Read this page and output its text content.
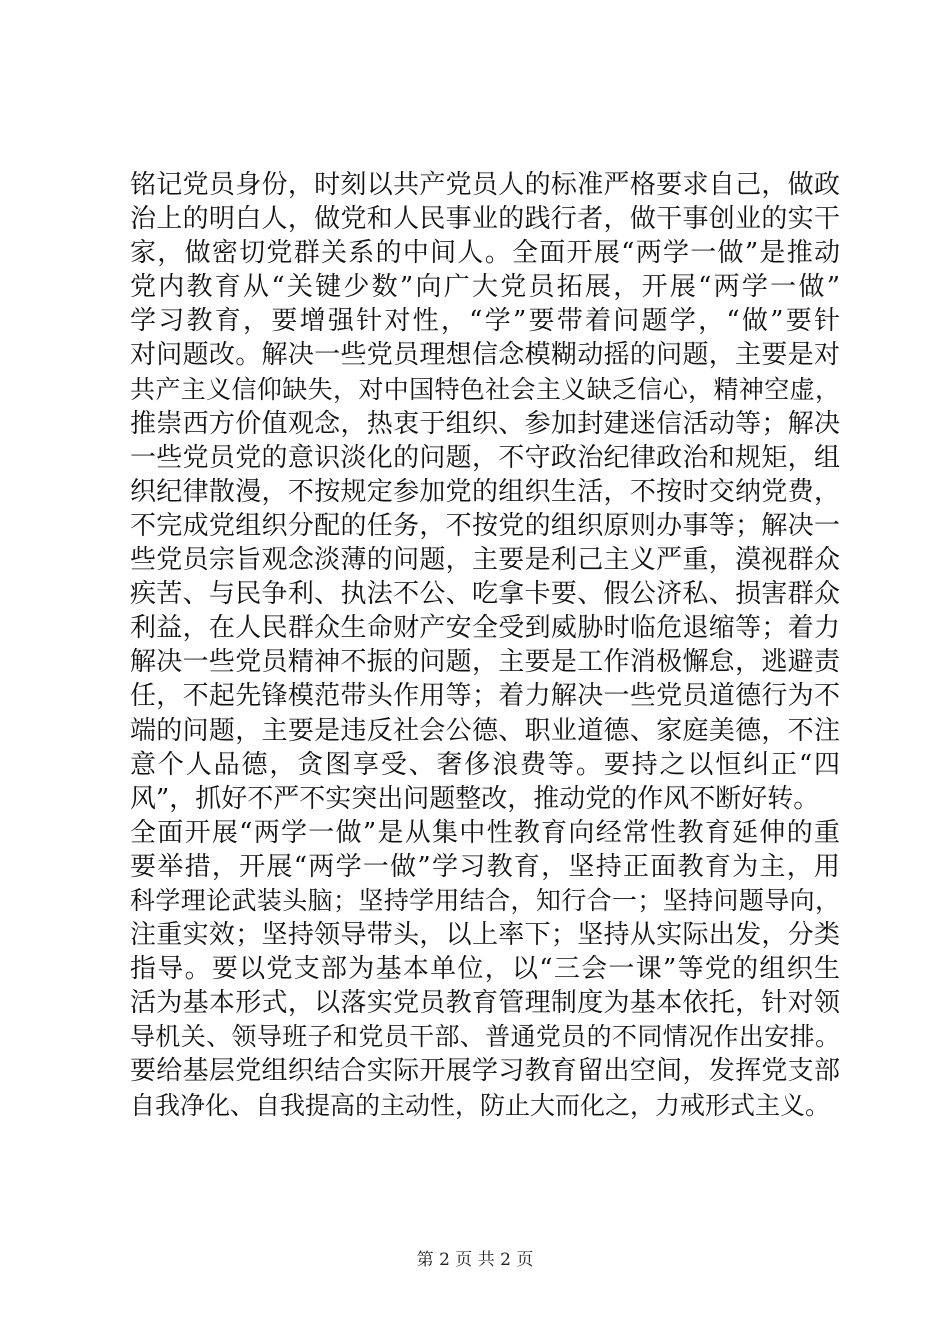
铭记党员身份，时刻以共产党员人的标准严格要求自己，做政
治上的明白人，做党和人民事业的践行者，做干事创业的实干
家，做密切党群关系的中间人。全面开展“两学一做”是推动
党内教育从“关键少数”向广大党员拓展，开展“两学一做”
学习教育，要增强针对性，“学”要带着问题学，“做”要针
对问题改。解决一些党员理想信念模糊动摇的问题，主要是对
共产主义信仰缺失，对中国特色社会主义缺乏信心，精神空虚，
推崇西方价值观念，热衷于组织、参加封建迷信活动等；解决
一些党员党的意识淡化的问题，不守政治纪律政治和规矩，组
织纪律散漫，不按规定参加党的组织生活，不按时交纳党费，
不完成党组织分配的任务，不按党的组织原则办事等；解决一
些党员宗旨观念淡薄的问题，主要是利己主义严重，漠视群众
疾苦、与民争利、执法不公、吃拿卡要、假公济私、损害群众
利益，在人民群众生命财产安全受到威胁时临危退缩等；着力
解决一些党员精神不振的问题，主要是工作消极懈怠，逃避责
任，不起先锋模范带头作用等；着力解决一些党员道德行为不
端的问题，主要是违反社会公德、职业道德、家庭美德，不注
意个人品德，贪图享受、奢侈浪费等。要持之以恒纠正“四
风”，抓好不严不实突出问题整改，推动党的作风不断好转。
全面开展“两学一做”是从集中性教育向经常性教育延伸的重
要举措，开展“两学一做”学习教育，坚持正面教育为主，用
科学理论武装头脑；坚持学用结合，知行合一；坚持问题导向，
注重实效；坚持领导带头，以上率下；坚持从实际出发，分类
指导。要以党支部为基本单位，以“三会一课”等党的组织生
活为基本形式，以落实党员教育管理制度为基本依托，针对领
导机关、领导班子和党员干部、普通党员的不同情况作出安排。
要给基层党组织结合实际开展学习教育留出空间，发挥党支部
自我净化、自我提高的主动性，防止大而化之，力戒形式主义。
第 2 页 共 2 页
